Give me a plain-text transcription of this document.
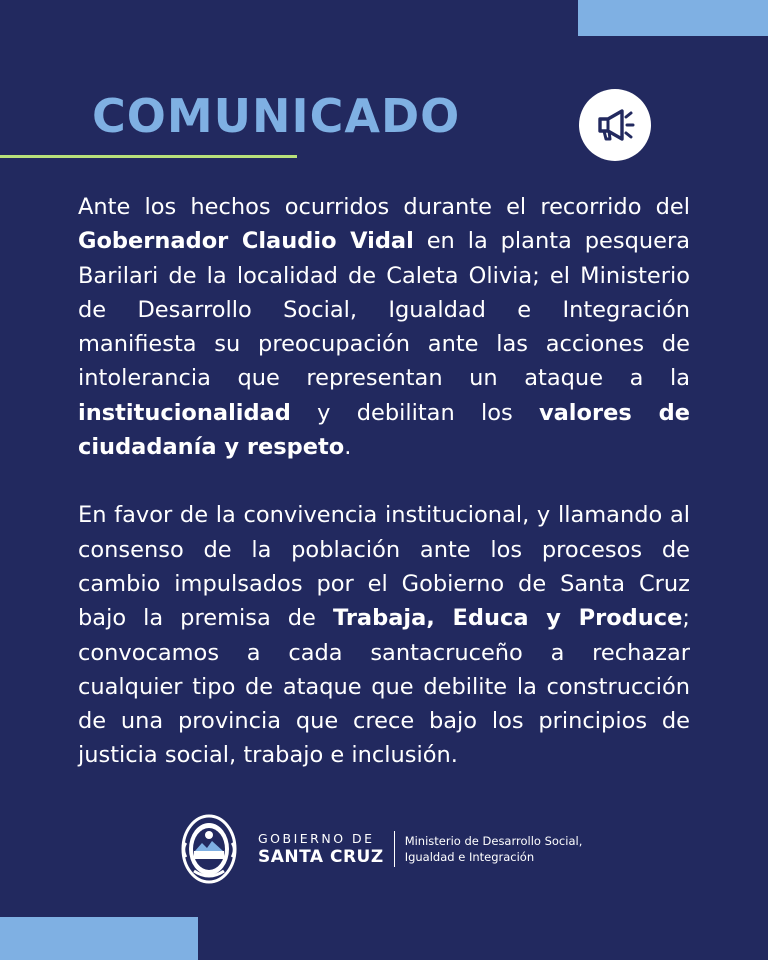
COMUNICADO

Ante los hechos ocurridos durante el recorrido del Gobernador Claudio Vidal en la planta pesquera Barilari de la localidad de Caleta Olivia; el Ministerio de Desarrollo Social, Igualdad e Integración manifiesta su preocupación ante las acciones de intolerancia que representan un ataque a la institucionalidad y debilitan los valores de ciudadanía y respeto.

En favor de la convivencia institucional, y llamando al consenso de la población ante los procesos de cambio impulsados por el Gobierno de Santa Cruz bajo la premisa de Trabaja, Educa y Produce; convocamos a cada santacruceño a rechazar cualquier tipo de ataque que debilite la construcción de una provincia que crece bajo los principios de justicia social, trabajo e inclusión.

GOBIERNO DE
SANTA CRUZ
Ministerio de Desarrollo Social,
Igualdad e Integración
